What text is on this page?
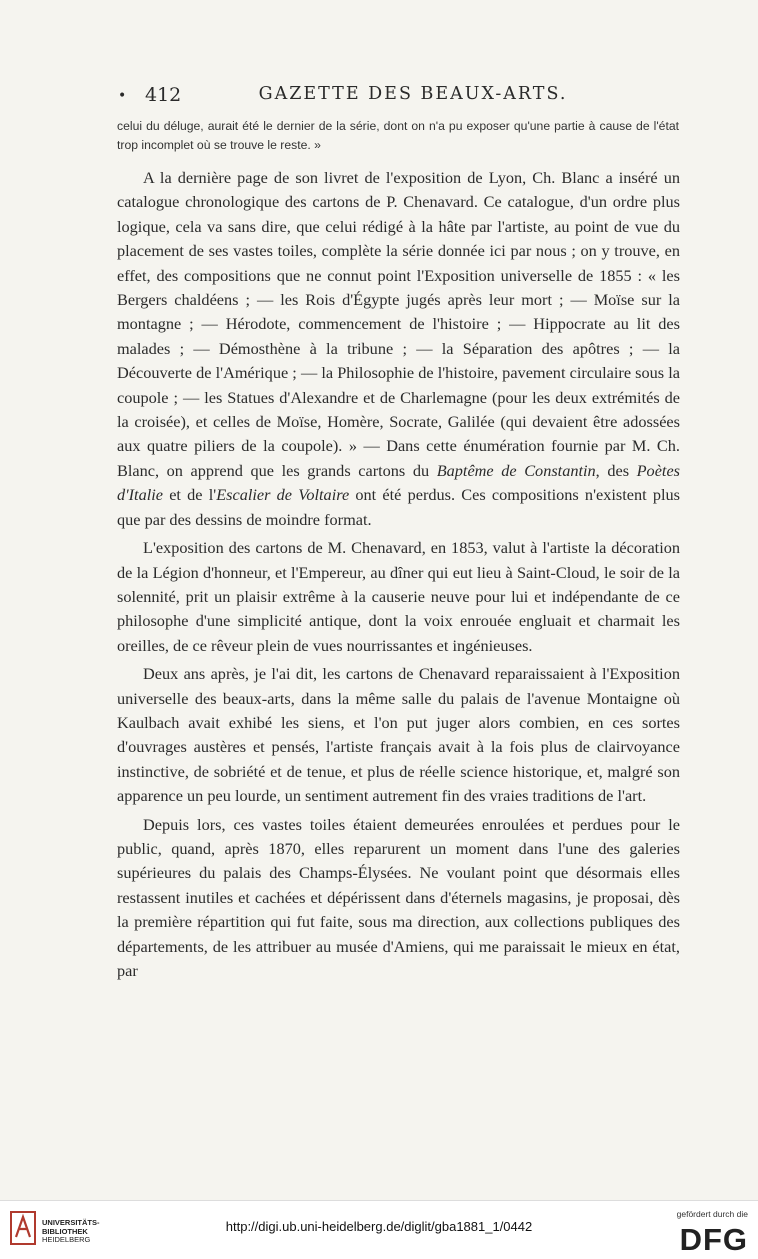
• 412	GAZETTE DES BEAUX-ARTS.
celui du déluge, aurait été le dernier de la série, dont on n'a pu exposer qu'une partie à cause de l'état trop incomplet où se trouve le reste. »

A la dernière page de son livret de l'exposition de Lyon, Ch. Blanc a inséré un catalogue chronologique des cartons de P. Chenavard. Ce catalogue, d'un ordre plus logique, cela va sans dire, que celui rédigé à la hâte par l'artiste, au point de vue du placement de ses vastes toiles, complète la série donnée ici par nous ; on y trouve, en effet, des compositions que ne connut point l'Exposition universelle de 1855 : « les Bergers chaldéens ; — les Rois d'Égypte jugés après leur mort ; — Moïse sur la montagne ; — Hérodote, commencement de l'histoire ; — Hippocrate au lit des malades ; — Démosthène à la tribune ; — la Séparation des apôtres ; — la Découverte de l'Amérique ; — la Philosophie de l'histoire, pavement circulaire sous la coupole ; — les Statues d'Alexandre et de Charlemagne (pour les deux extrémités de la croisée), et celles de Moïse, Homère, Socrate, Galilée (qui devaient être adossées aux quatre piliers de la coupole). » — Dans cette énumération fournie par M. Ch. Blanc, on apprend que les grands cartons du Baptême de Constantin, des Poètes d'Italie et de l'Escalier de Voltaire ont été perdus. Ces compositions n'existent plus que par des dessins de moindre format.

L'exposition des cartons de M. Chenavard, en 1853, valut à l'artiste la décoration de la Légion d'honneur, et l'Empereur, au dîner qui eut lieu à Saint-Cloud, le soir de la solennité, prit un plaisir extrême à la causerie neuve pour lui et indépendante de ce philosophe d'une simplicité antique, dont la voix enrouée engluait et charmait les oreilles, de ce rêveur plein de vues nourrissantes et ingénieuses.

Deux ans après, je l'ai dit, les cartons de Chenavard reparaissaient à l'Exposition universelle des beaux-arts, dans la même salle du palais de l'avenue Montaigne où Kaulbach avait exhibé les siens, et l'on put juger alors combien, en ces sortes d'ouvrages austères et pensés, l'artiste français avait à la fois plus de clairvoyance instinctive, de sobriété et de tenue, et plus de réelle science historique, et, malgré son apparence un peu lourde, un sentiment autrement fin des vraies traditions de l'art.

Depuis lors, ces vastes toiles étaient demeurées enroulées et perdues pour le public, quand, après 1870, elles reparurent un moment dans l'une des galeries supérieures du palais des Champs-Élysées. Ne voulant point que désormais elles restassent inutiles et cachées et dépérissent dans d'éternels magasins, je proposai, dès la première répartition qui fut faite, sous ma direction, aux collections publiques des départements, de les attribuer au musée d'Amiens, qui me paraissait le mieux en état, par

UNIVERSITÄTS-
BIBLIOTHEK
HEIDELBERG
http://digi.ub.uni-heidelberg.de/diglit/gba1881_1/0442
gefördert durch die
DFG
